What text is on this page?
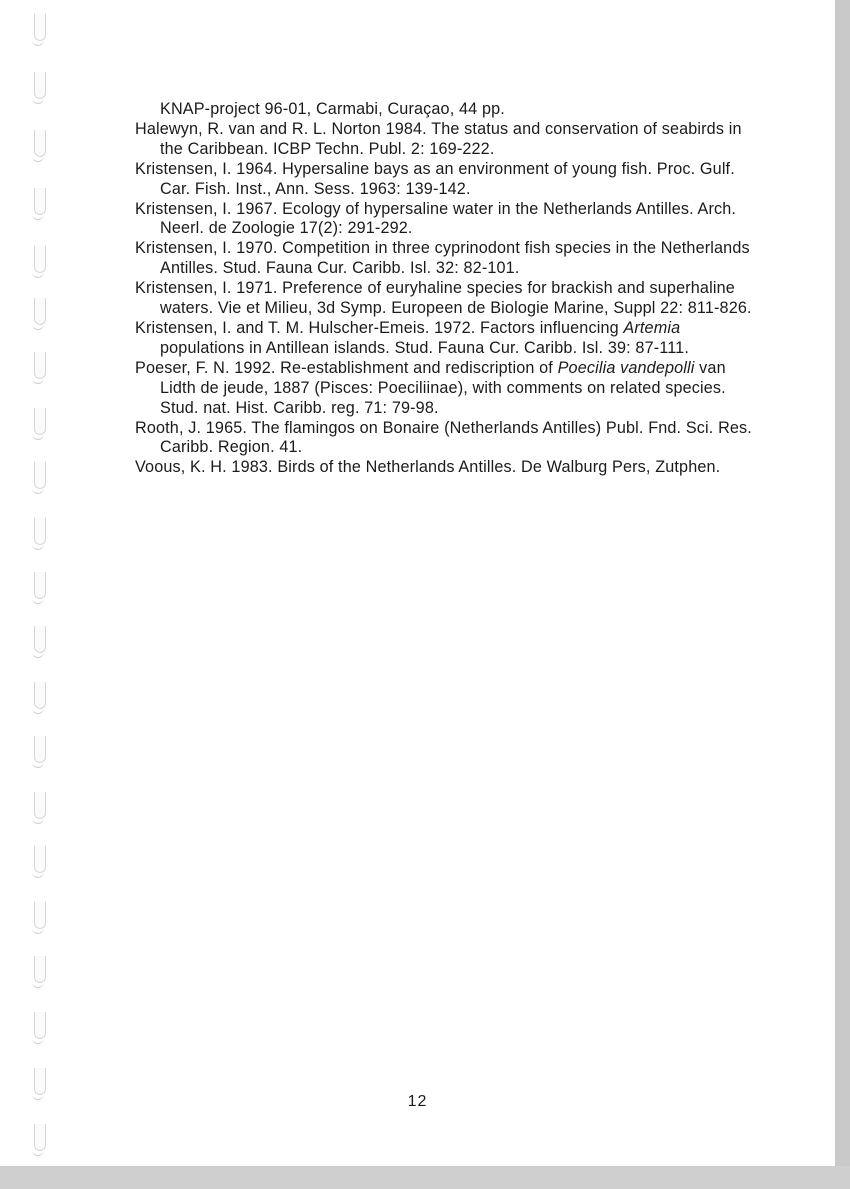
KNAP-project 96-01, Carmabi, Curaçao, 44 pp.

Halewyn, R. van and R. L. Norton 1984. The status and conservation of seabirds in the Caribbean. ICBP Techn. Publ. 2: 169-222.

Kristensen, I. 1964. Hypersaline bays as an environment of young fish. Proc. Gulf. Car. Fish. Inst., Ann. Sess. 1963: 139-142.

Kristensen, I. 1967. Ecology of hypersaline water in the Netherlands Antilles. Arch. Neerl. de Zoologie 17(2): 291-292.

Kristensen, I. 1970. Competition in three cyprinodont fish species in the Netherlands Antilles. Stud. Fauna Cur. Caribb. Isl. 32: 82-101.

Kristensen, I. 1971. Preference of euryhaline species for brackish and superhaline waters. Vie et Milieu, 3d Symp. Europeen de Biologie Marine, Suppl 22: 811-826.

Kristensen, I. and T. M. Hulscher-Emeis. 1972. Factors influencing Artemia populations in Antillean islands. Stud. Fauna Cur. Caribb. Isl. 39: 87-111.

Poeser, F. N. 1992. Re-establishment and rediscription of Poecilia vandepolli van Lidth de jeude, 1887 (Pisces: Poeciliinae), with comments on related species. Stud. nat. Hist. Caribb. reg. 71: 79-98.

Rooth, J. 1965. The flamingos on Bonaire (Netherlands Antilles) Publ. Fnd. Sci. Res. Caribb. Region. 41.

Voous, K. H. 1983. Birds of the Netherlands Antilles. De Walburg Pers, Zutphen.

12
